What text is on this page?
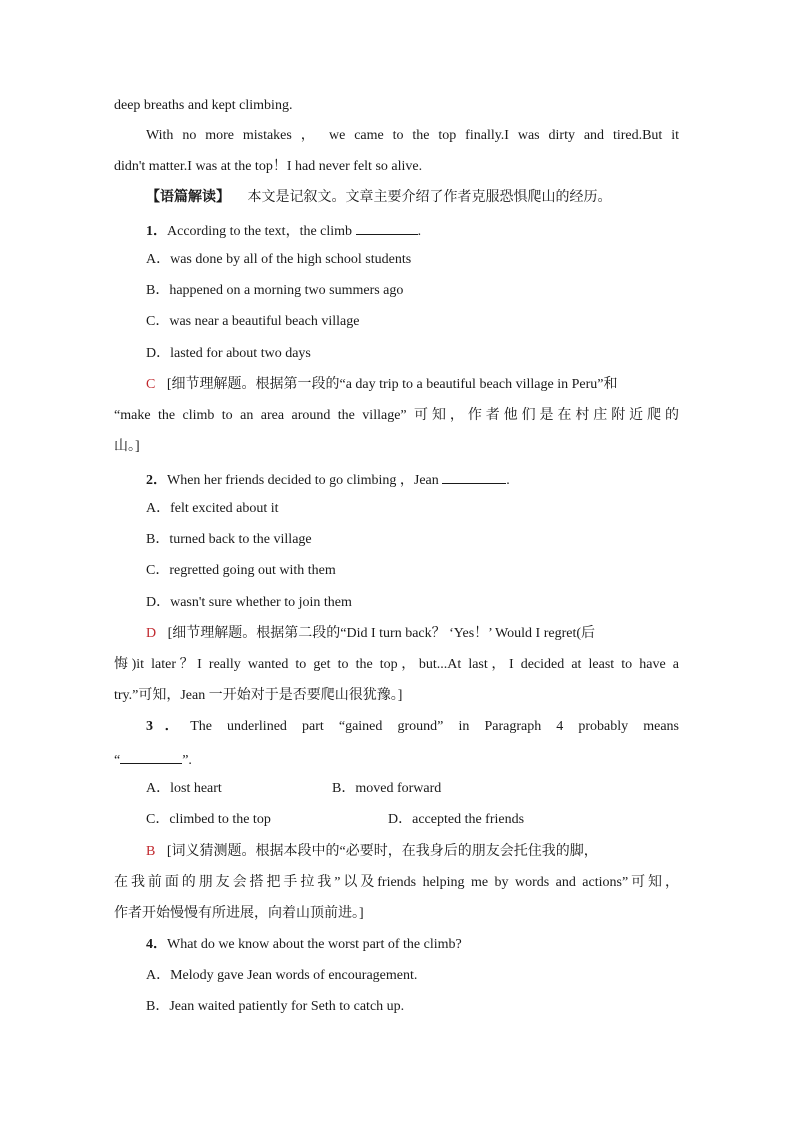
deep breaths and kept climbing.
With no more mistakes ， we came to the top finally.I was dirty and tired.But it
didn't matter.I was at the top！I had never felt so alive.
【语篇解读】 本文是记叙文。文章主要介绍了作者克服恐惧爬山的经历。
1．According to the text，the climb	.
A．was done by all of the high school students
B．happened on a morning two summers ago
C．was near a beautiful beach village
D．lasted for about two days
C [细节理解题。根据第一段的“a day trip to a beautiful beach village in Peru”和
“make the climb to an area around the village” 可知，作者他们是在村庄附近爬的
山。]
2．When her friends decided to go climbing ，Jean	.
A．felt excited about it
B．turned back to the village
C．regretted going out with them
D．wasn't sure whether to join them
D [细节理解题。根据第二段的“Did I turn back？ ‘Yes！’ Would I regret(后
悔)it later？I really wanted to get to the top，but...At last，I decided at least to have a
try.”可知，Jean 一开始对于是否要爬山很犹豫。]
3．The underlined part “gained ground” in Paragraph 4 probably means
“	”.
A．lost heart	B．moved forward
C．climbed to the top	D．accepted the friends
B [词义猜测题。根据本段中的“必要时，在我身后的朋友会托住我的脚，
在我前面的朋友会搭把手拉我”以及friends helping me by words and actions”可知，
作者开始慢慢有所进展，向着山顶前进。]
4．What do we know about the worst part of the climb?
A．Melody gave Jean words of encouragement.
B．Jean waited patiently for Seth to catch up.
